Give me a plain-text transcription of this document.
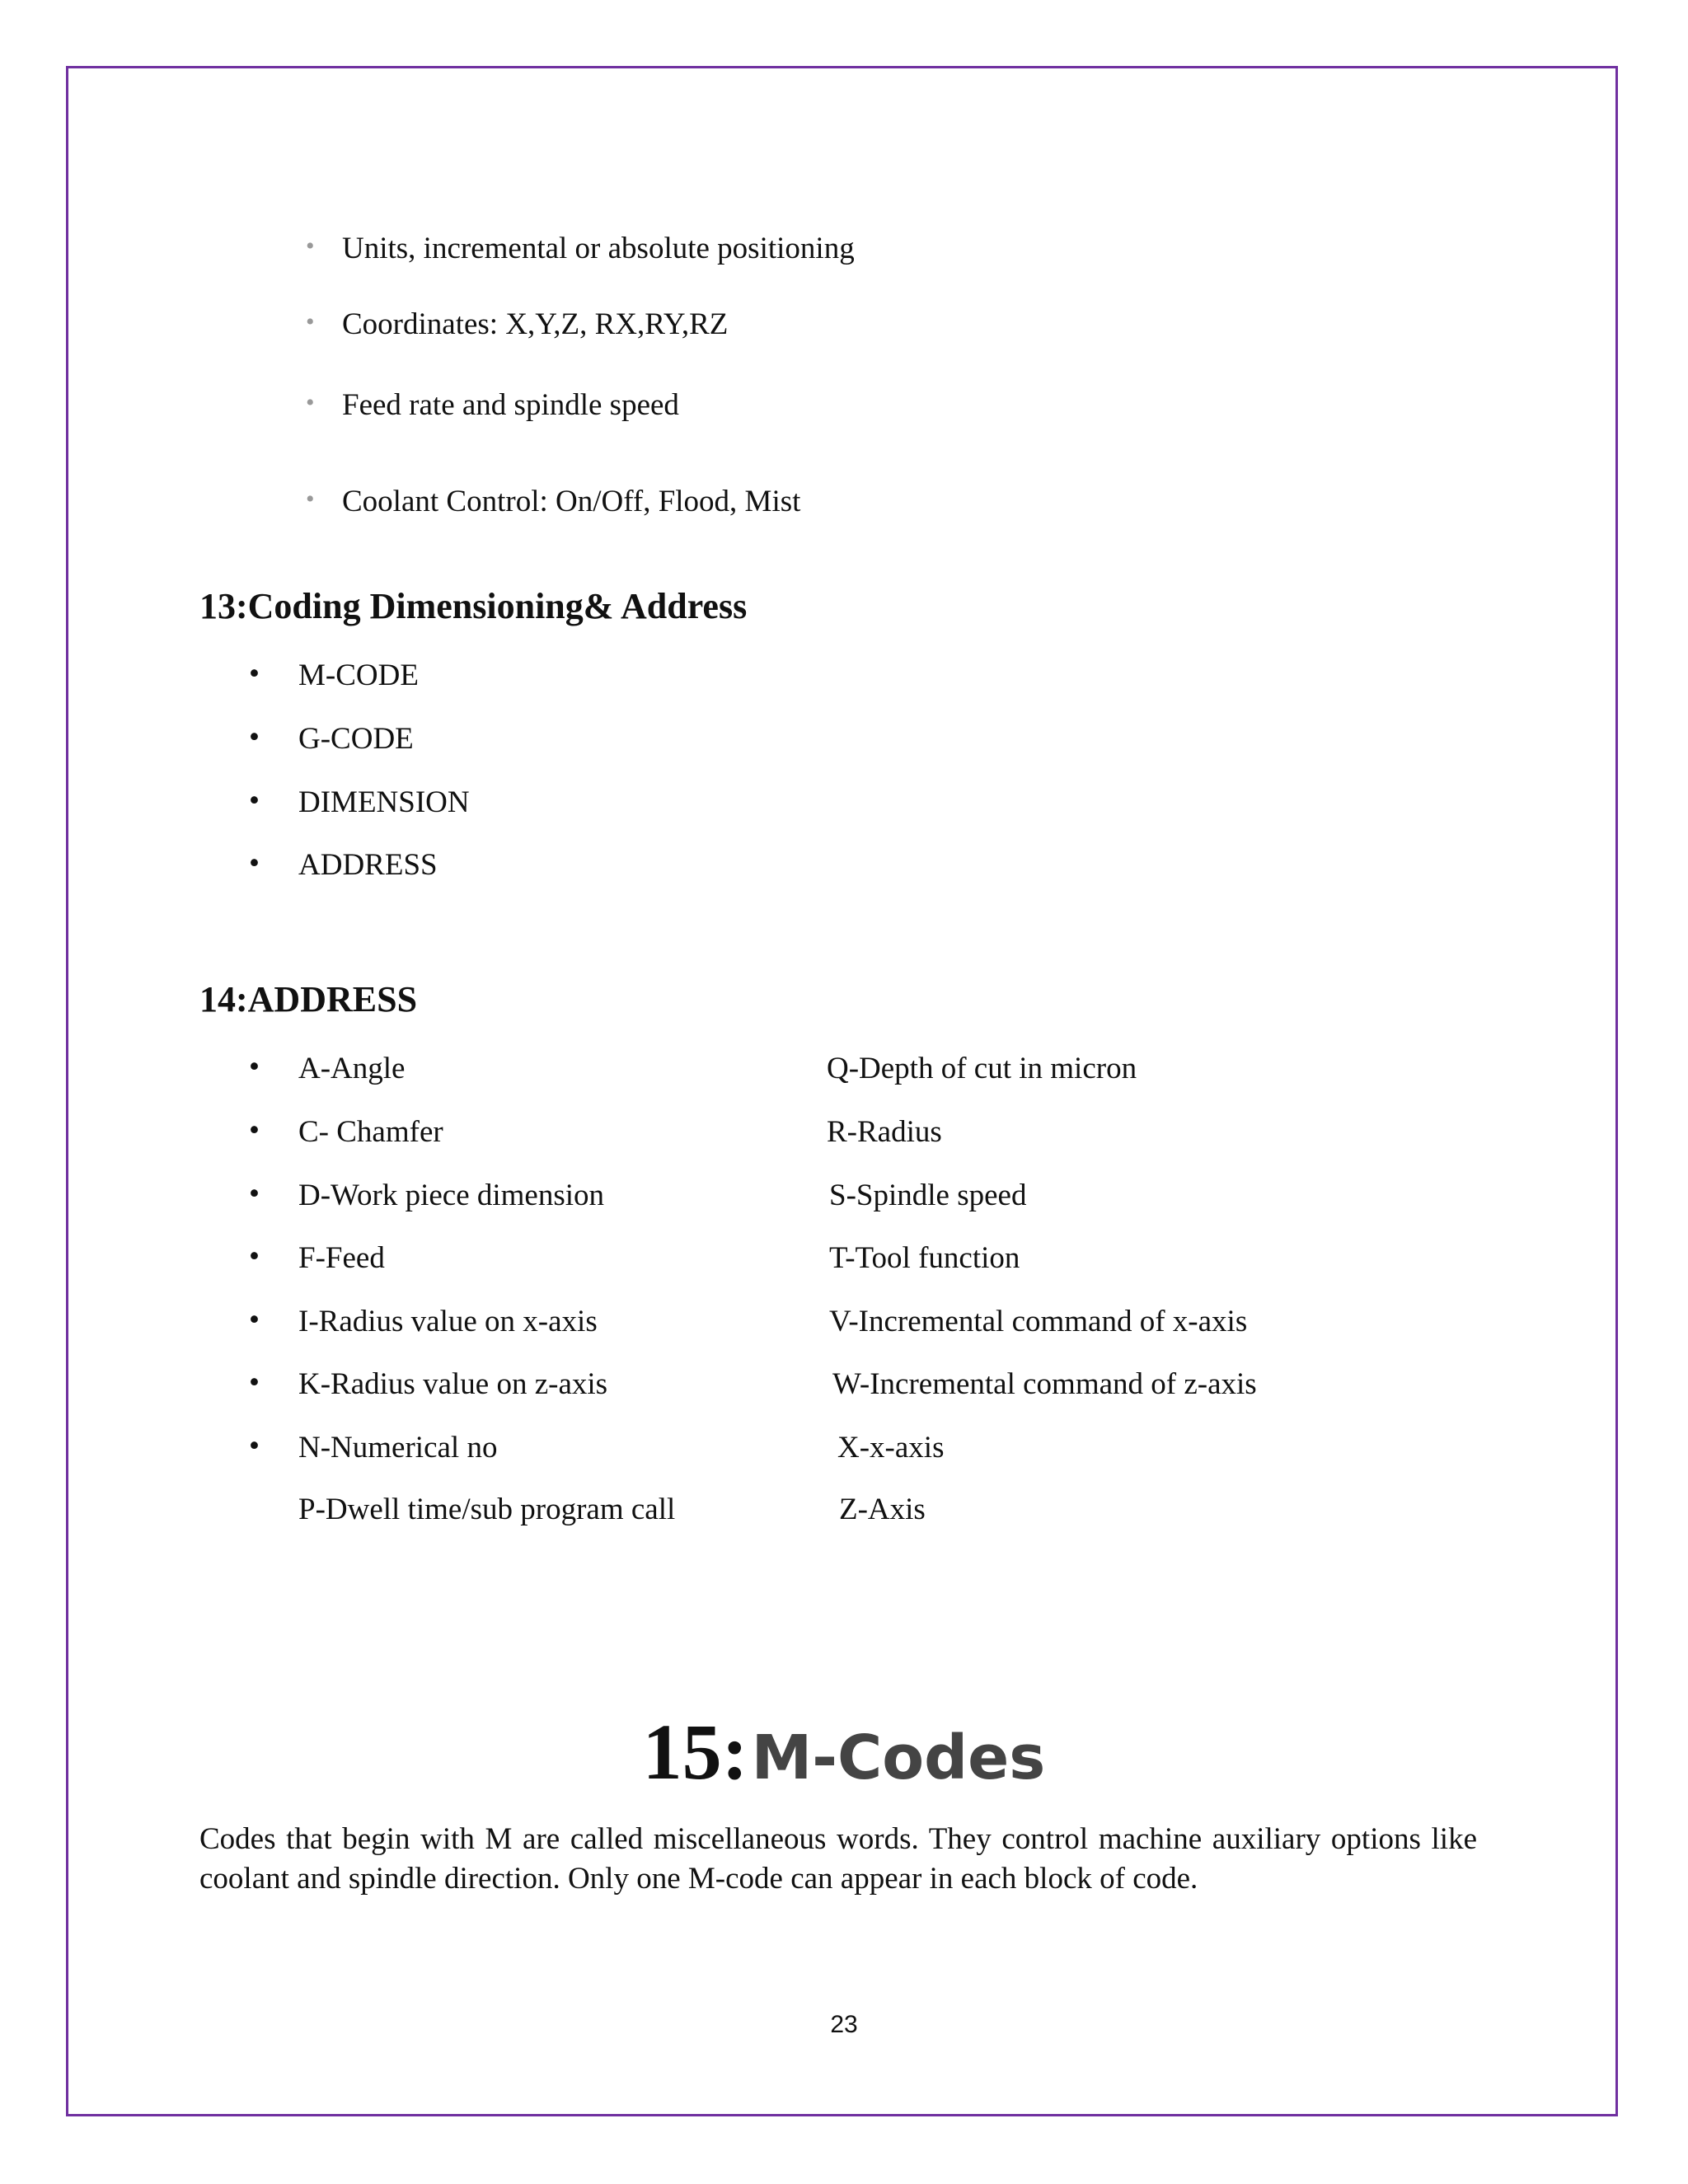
• Units, incremental or absolute positioning
• Coordinates: X,Y,Z, RX,RY,RZ
• Feed rate and spindle speed
• Coolant Control: On/Off, Flood, Mist
13:Coding Dimensioning& Address
• M-CODE
• G-CODE
• DIMENSION
• ADDRESS
14:ADDRESS
• A-Angle
• C- Chamfer
• D-Work piece dimension
• F-Feed
• I-Radius value on x-axis
• K-Radius value on z-axis
• N-Numerical no
P-Dwell time/sub program call
Q-Depth of cut in micron
R-Radius
S-Spindle speed
T-Tool function
V-Incremental command of x-axis
W-Incremental command of z-axis
X-x-axis
Z-Axis
15: M-Codes
Codes that begin with M are called miscellaneous words. They control machine auxiliary options like coolant and spindle direction. Only one M-code can appear in each block of code.
23
